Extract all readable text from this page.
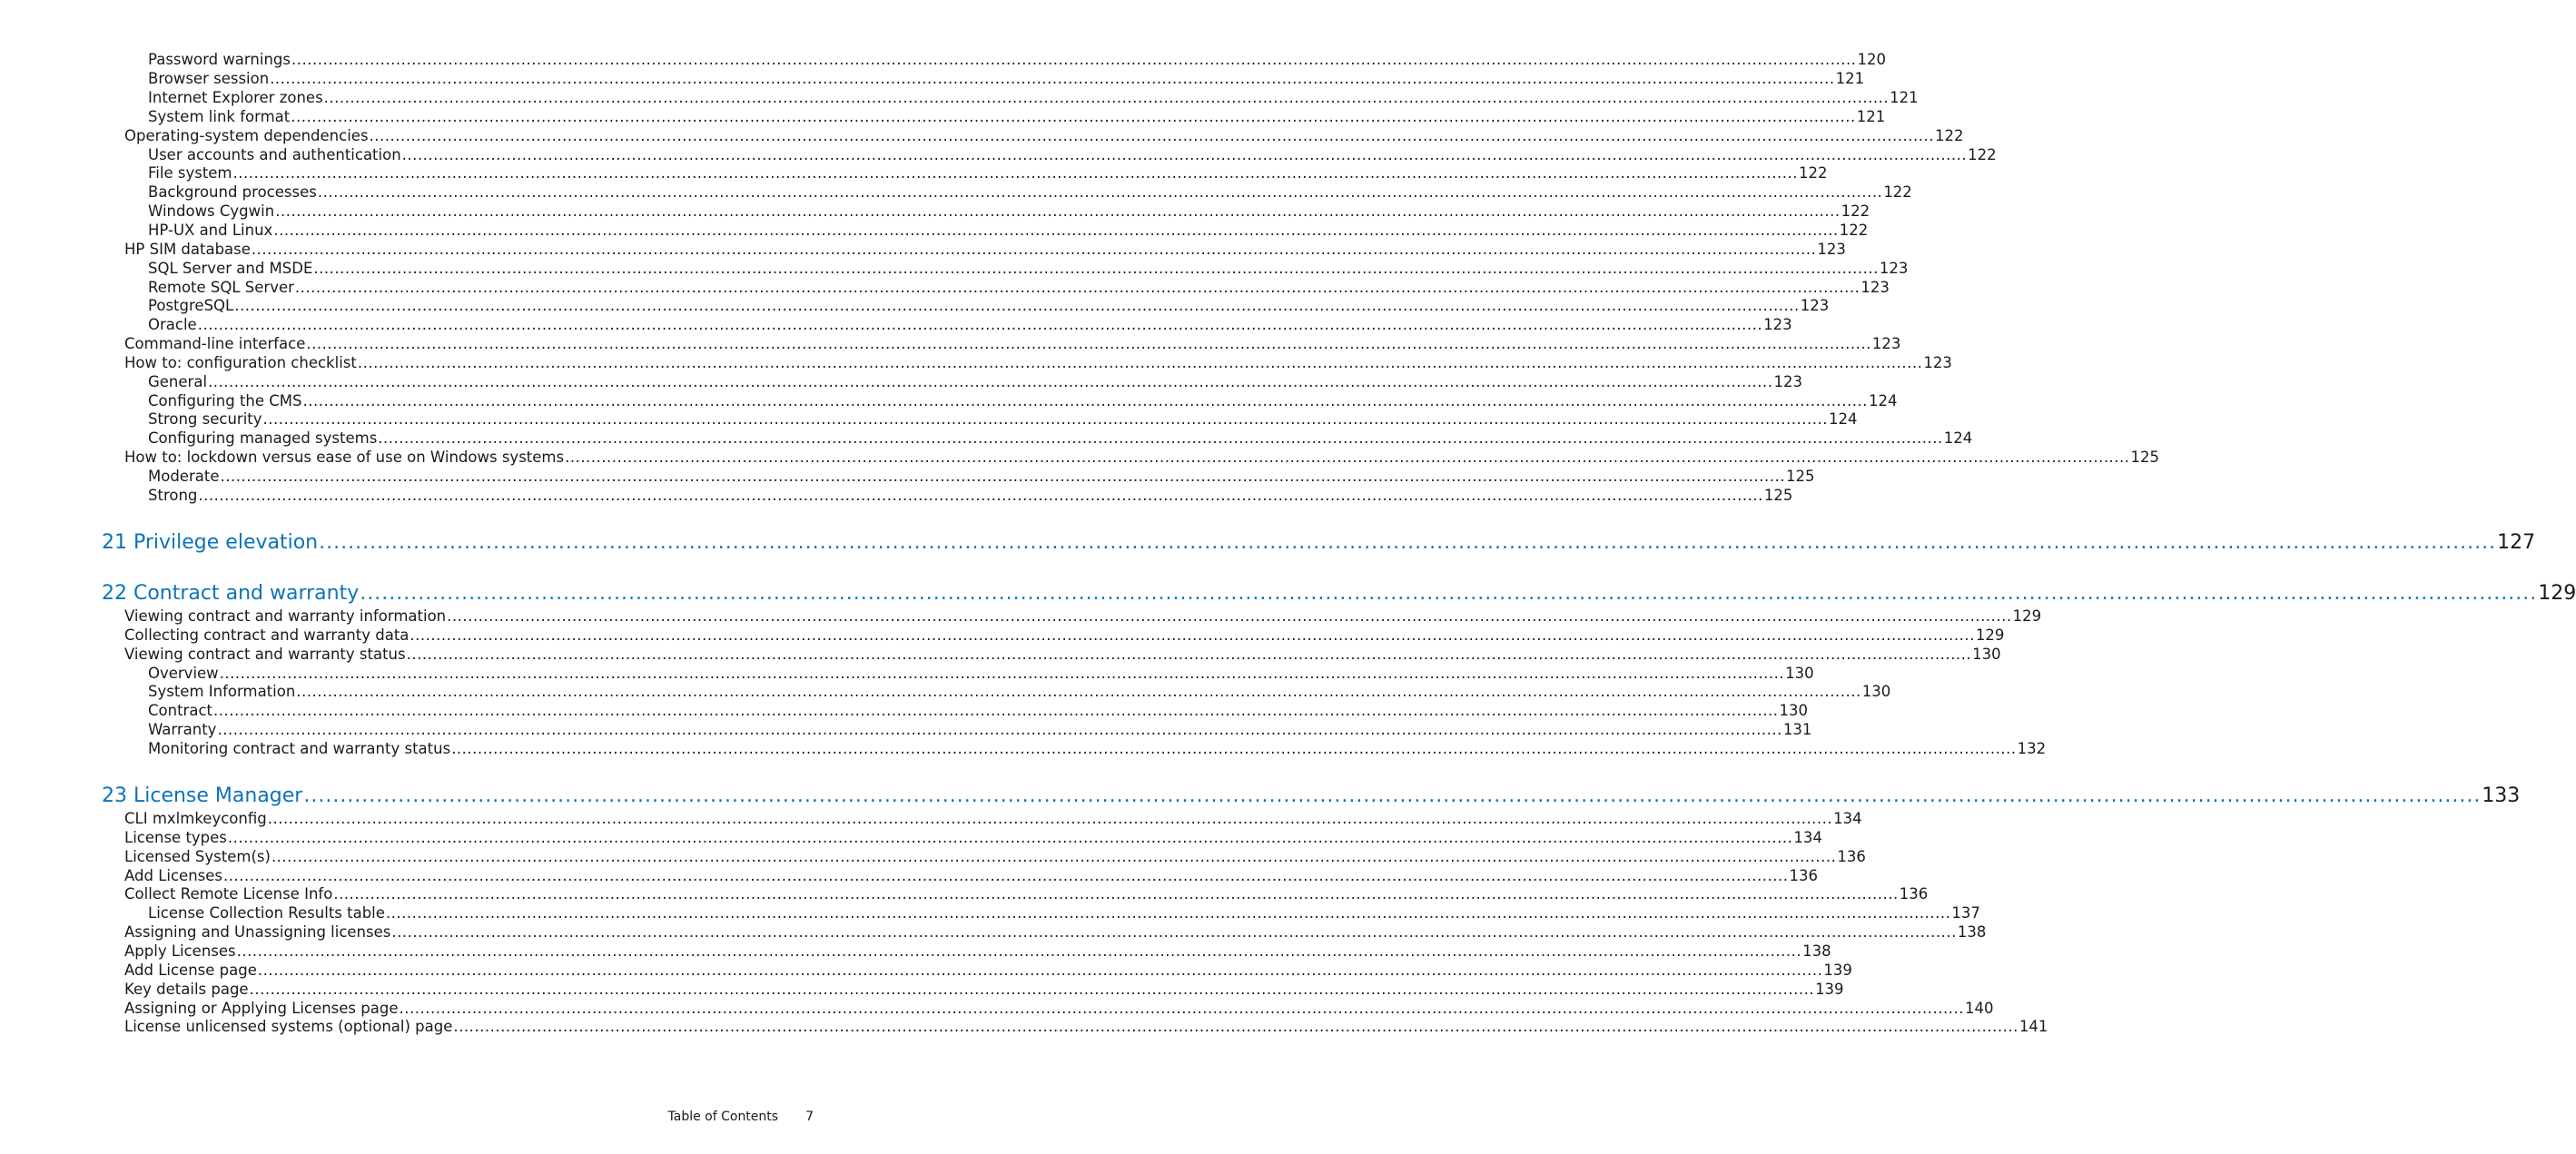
Password warnings ............................................................................................................................................................................................................................................................................................................ 120
Browser session ............................................................................................................................................................................................................................................................................................................ 121
Internet Explorer zones ............................................................................................................................................................................................................................................................................................................ 121
System link format ............................................................................................................................................................................................................................................................................................................ 121
Operating-system dependencies ............................................................................................................................................................................................................................................................................................................ 122
User accounts and authentication ............................................................................................................................................................................................................................................................................................................ 122
File system ............................................................................................................................................................................................................................................................................................................ 122
Background processes ............................................................................................................................................................................................................................................................................................................ 122
Windows Cygwin ............................................................................................................................................................................................................................................................................................................ 122
HP-UX and Linux ............................................................................................................................................................................................................................................................................................................ 122
HP SIM database ............................................................................................................................................................................................................................................................................................................ 123
SQL Server and MSDE ............................................................................................................................................................................................................................................................................................................ 123
Remote SQL Server ............................................................................................................................................................................................................................................................................................................ 123
PostgreSQL ............................................................................................................................................................................................................................................................................................................ 123
Oracle ............................................................................................................................................................................................................................................................................................................ 123
Command-line interface ............................................................................................................................................................................................................................................................................................................ 123
How to: configuration checklist ............................................................................................................................................................................................................................................................................................................ 123
General ............................................................................................................................................................................................................................................................................................................ 123
Configuring the CMS ............................................................................................................................................................................................................................................................................................................ 124
Strong security ............................................................................................................................................................................................................................................................................................................ 124
Configuring managed systems ............................................................................................................................................................................................................................................................................................................ 124
How to: lockdown versus ease of use on Windows systems ............................................................................................................................................................................................................................................................................................................ 125
Moderate ............................................................................................................................................................................................................................................................................................................ 125
Strong ............................................................................................................................................................................................................................................................................................................ 125
21 Privilege elevation ............................................................................................................................................................................................................................................................................................................ 127
22 Contract and warranty ............................................................................................................................................................................................................................................................................................................ 129
Viewing contract and warranty information ............................................................................................................................................................................................................................................................................................................ 129
Collecting contract and warranty data ............................................................................................................................................................................................................................................................................................................ 129
Viewing contract and warranty status ............................................................................................................................................................................................................................................................................................................ 130
Overview ............................................................................................................................................................................................................................................................................................................ 130
System Information ............................................................................................................................................................................................................................................................................................................ 130
Contract ............................................................................................................................................................................................................................................................................................................ 130
Warranty ............................................................................................................................................................................................................................................................................................................ 131
Monitoring contract and warranty status ............................................................................................................................................................................................................................................................................................................ 132
23 License Manager ............................................................................................................................................................................................................................................................................................................ 133
CLI mxlmkeyconfig ............................................................................................................................................................................................................................................................................................................ 134
License types ............................................................................................................................................................................................................................................................................................................ 134
Licensed System(s) ............................................................................................................................................................................................................................................................................................................ 136
Add Licenses ............................................................................................................................................................................................................................................................................................................ 136
Collect Remote License Info ............................................................................................................................................................................................................................................................................................................ 136
License Collection Results table ............................................................................................................................................................................................................................................................................................................ 137
Assigning and Unassigning licenses ............................................................................................................................................................................................................................................................................................................ 138
Apply Licenses ............................................................................................................................................................................................................................................................................................................ 138
Add License page ............................................................................................................................................................................................................................................................................................................ 139
Key details page ............................................................................................................................................................................................................................................................................................................ 139
Assigning or Applying Licenses page ............................................................................................................................................................................................................................................................................................................ 140
License unlicensed systems (optional) page ............................................................................................................................................................................................................................................................................................................ 141
Table of Contents 7
